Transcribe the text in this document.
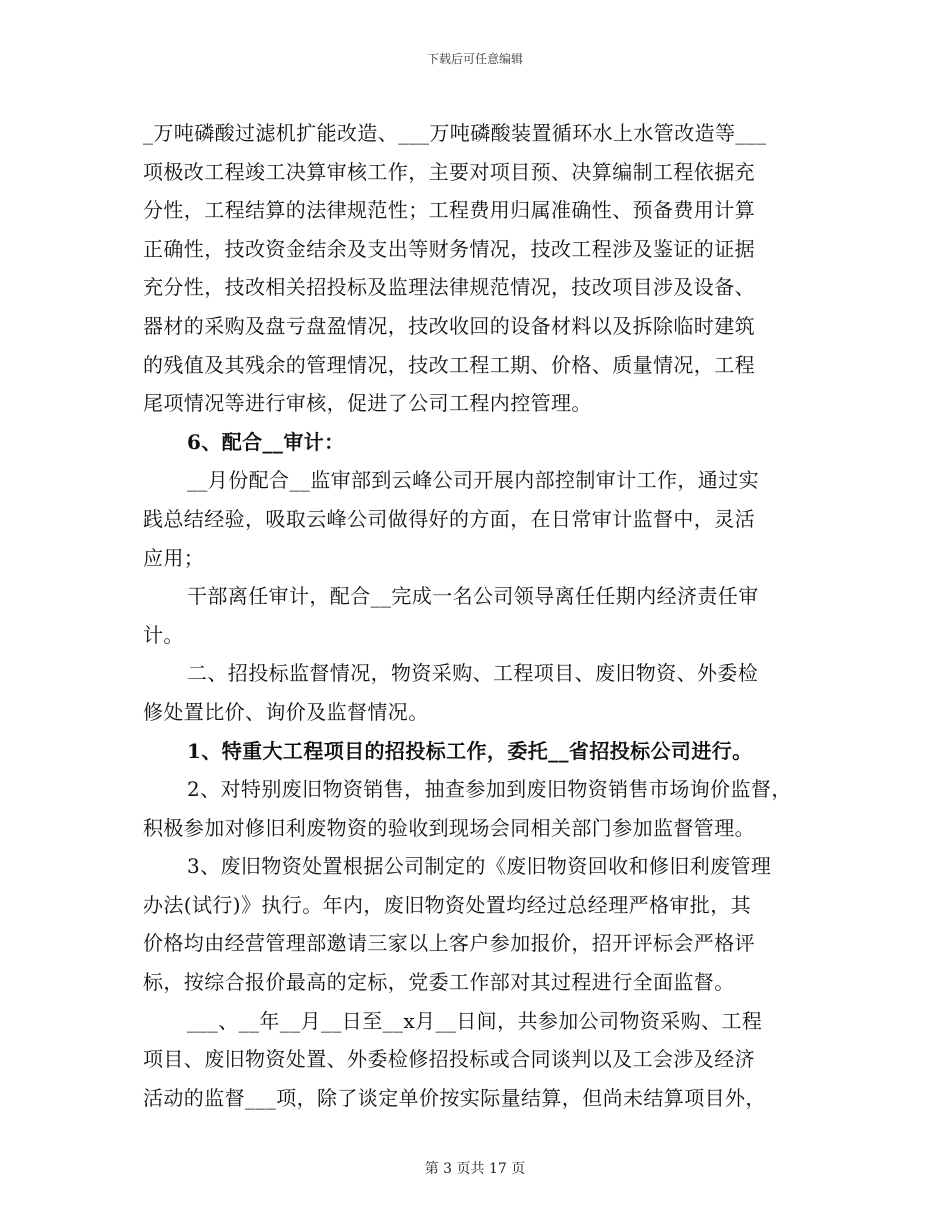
下载后可任意编辑
_万吨磷酸过滤机扩能改造、___万吨磷酸装置循环水上水管改造等___
项极改工程竣工决算审核工作，主要对项目预、决算编制工程依据充
分性，工程结算的法律规范性；工程费用归属准确性、预备费用计算
正确性，技改资金结余及支出等财务情况，技改工程涉及鉴证的证据
充分性，技改相关招投标及监理法律规范情况，技改项目涉及设备、
器材的采购及盘亏盘盈情况，技改收回的设备材料以及拆除临时建筑
的残值及其残余的管理情况，技改工程工期、价格、质量情况，工程
尾项情况等进行审核，促进了公司工程内控管理。
6、配合__审计：
__月份配合__监审部到云峰公司开展内部控制审计工作，通过实
践总结经验，吸取云峰公司做得好的方面，在日常审计监督中，灵活
应用；
干部离任审计，配合__完成一名公司领导离任任期内经济责任审
计。
二、招投标监督情况，物资采购、工程项目、废旧物资、外委检
修处置比价、询价及监督情况。
1、特重大工程项目的招投标工作，委托__省招投标公司进行。
2、对特别废旧物资销售，抽查参加到废旧物资销售市场询价监督，
积极参加对修旧利废物资的验收到现场会同相关部门参加监督管理。
3、废旧物资处置根据公司制定的《废旧物资回收和修旧利废管理
办法(试行)》执行。年内，废旧物资处置均经过总经理严格审批，其
价格均由经营管理部邀请三家以上客户参加报价，招开评标会严格评
标，按综合报价最高的定标，党委工作部对其过程进行全面监督。
___、__年__月__日至__x月__日间，共参加公司物资采购、工程
项目、废旧物资处置、外委检修招投标或合同谈判以及工会涉及经济
活动的监督___项，除了谈定单价按实际量结算，但尚未结算项目外，
第 3 页共 17 页
